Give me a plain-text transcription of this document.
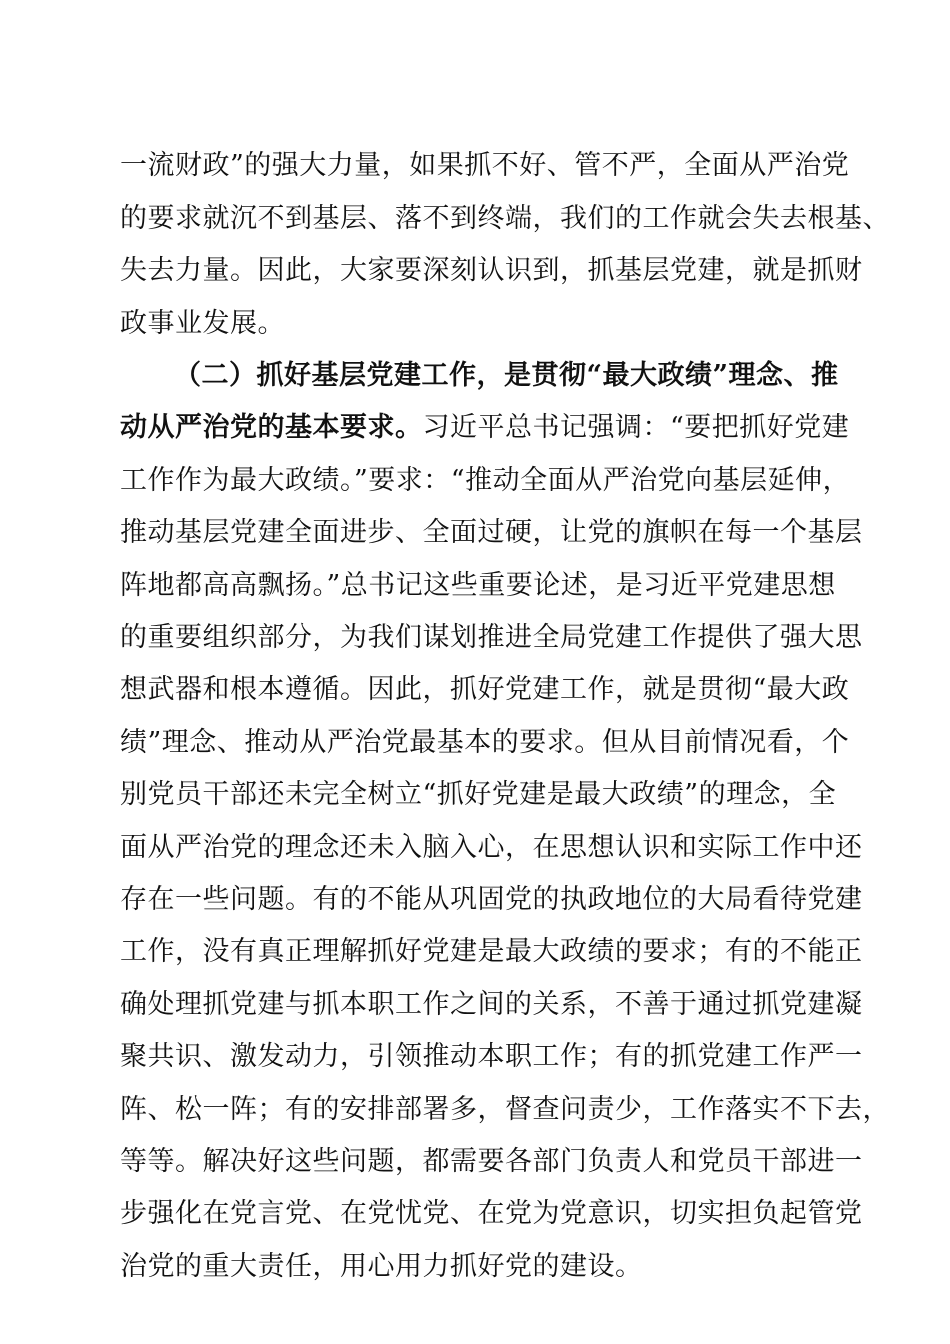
一流财政”的强大力量，如果抓不好、管不严，全面从严治党
的要求就沉不到基层、落不到终端，我们的工作就会失去根基、
失去力量。因此，大家要深刻认识到，抓基层党建，就是抓财
政事业发展。
（二）抓好基层党建工作，是贯彻“最大政绩”理念、推
动从严治党的基本要求。习近平总书记强调：“要把抓好党建
工作作为最大政绩。”要求：“推动全面从严治党向基层延伸，
推动基层党建全面进步、全面过硬，让党的旗帜在每一个基层
阵地都高高飘扬。”总书记这些重要论述，是习近平党建思想
的重要组织部分，为我们谋划推进全局党建工作提供了强大思
想武器和根本遵循。因此，抓好党建工作，就是贯彻“最大政
绩”理念、推动从严治党最基本的要求。但从目前情况看，个
别党员干部还未完全树立“抓好党建是最大政绩”的理念，全
面从严治党的理念还未入脑入心，在思想认识和实际工作中还
存在一些问题。有的不能从巩固党的执政地位的大局看待党建
工作，没有真正理解抓好党建是最大政绩的要求；有的不能正
确处理抓党建与抓本职工作之间的关系，不善于通过抓党建凝
聚共识、激发动力，引领推动本职工作；有的抓党建工作严一
阵、松一阵；有的安排部署多，督查问责少，工作落实不下去，
等等。解决好这些问题，都需要各部门负责人和党员干部进一
步强化在党言党、在党忧党、在党为党意识，切实担负起管党
治党的重大责任，用心用力抓好党的建设。
